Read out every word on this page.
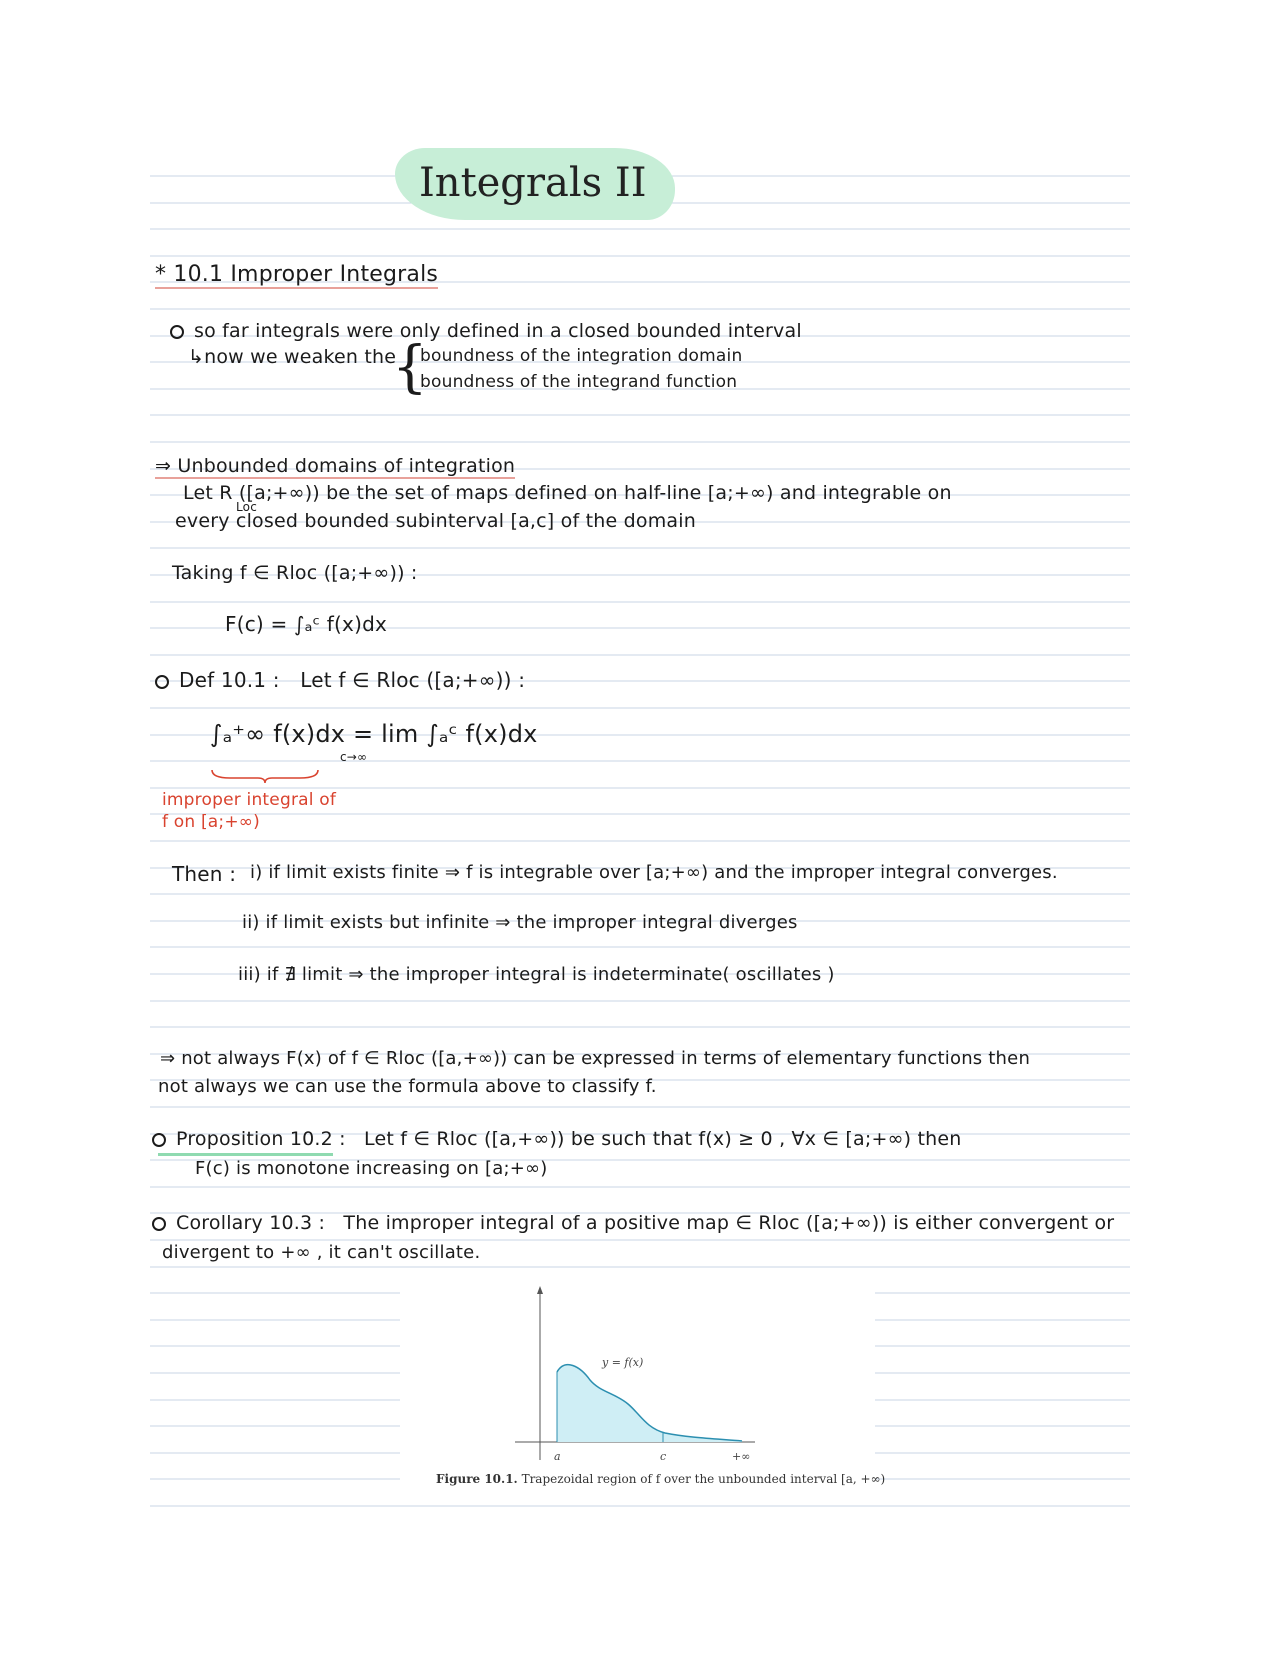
Integrals II
* 10.1 Improper Integrals
so far integrals were only defined in a closed bounded interval
↳now we weaken the
{
boundness of the integration domain
boundness of the integrand function
⇒ Unbounded domains of integration
Let R ([a;+∞)) be the set of maps defined on half-line [a;+∞) and integrable on
Loc
every closed bounded subinterval [a,c] of the domain
Taking f ∈ Rloc ([a;+∞)) :
F(c) = ∫ₐᶜ f(x)dx
Def 10.1 : Let f ∈ Rloc ([a;+∞)) :
∫ₐ⁺∞ f(x)dx = lim ∫ₐᶜ f(x)dx
c→∞
improper integral of
f on [a;+∞)
Then : i) if limit exists finite ⇒ f is integrable over [a;+∞) and the improper integral converges.
ii) if limit exists but infinite ⇒ the improper integral diverges
iii) if ∄ limit ⇒ the improper integral is indeterminate( oscillates )
⇒ not always F(x) of f ∈ Rloc ([a,+∞)) can be expressed in terms of elementary functions then
not always we can use the formula above to classify f.
Proposition 10.2 : Let f ∈ Rloc ([a,+∞)) be such that f(x) ≥ 0 , ∀x ∈ [a;+∞) then
F(c) is monotone increasing on [a;+∞)
Corollary 10.3 : The improper integral of a positive map ∈ Rloc ([a;+∞)) is either convergent or
divergent to +∞ , it can't oscillate.
y = f(x)
a	c	+∞
Figure 10.1. Trapezoidal region of f over the unbounded interval [a, +∞)
